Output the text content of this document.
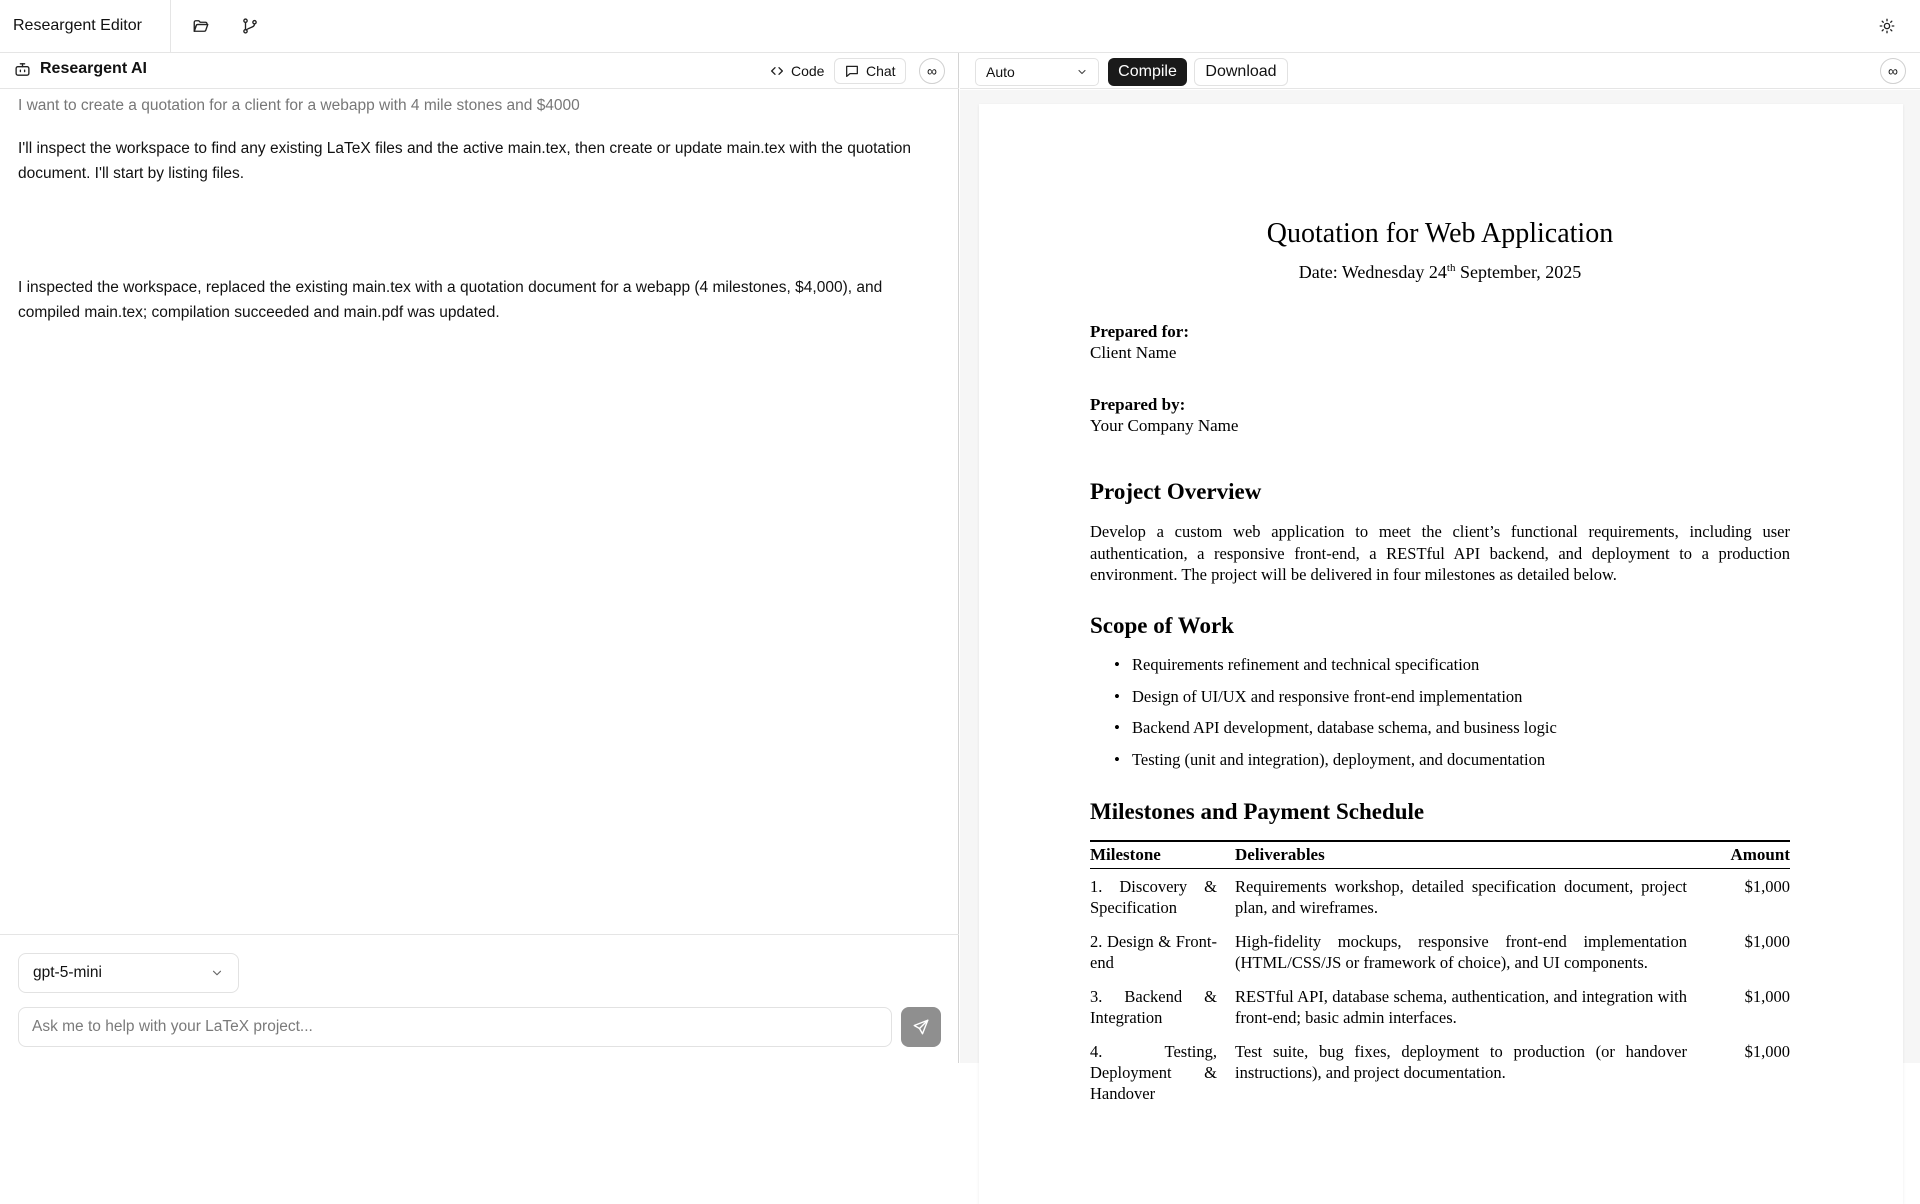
Researgent Editor
Researgent AI	Code	Chat	∞
I want to create a quotation for a client for a webapp with 4 mile stones and $4000
I'll inspect the workspace to find any existing LaTeX files and the active main.tex, then create or update main.tex with the quotation document. I'll start by listing files.
I inspected the workspace, replaced the existing main.tex with a quotation document for a webapp (4 milestones, $4,000), and compiled main.tex; compilation succeeded and main.pdf was updated.
gpt-5-mini
Ask me to help with your LaTeX project...
Auto	Compile	Download	∞
Quotation for Web Application
Date: Wednesday 24th September, 2025
Prepared for:
Client Name
Prepared by:
Your Company Name
Project Overview
Develop a custom web application to meet the client’s functional requirements, including user authentication, a responsive front-end, a RESTful API backend, and deployment to a production environment. The project will be delivered in four milestones as detailed below.
Scope of Work
• Requirements refinement and technical specification
• Design of UI/UX and responsive front-end implementation
• Backend API development, database schema, and business logic
• Testing (unit and integration), deployment, and documentation
Milestones and Payment Schedule
Milestone	Deliverables	Amount
1. Discovery & Specification	Requirements workshop, detailed specification document, project plan, and wireframes.	$1,000
2. Design & Front-end	High-fidelity mockups, responsive front-end implementation (HTML/CSS/JS or framework of choice), and UI components.	$1,000
3. Backend & Integration	RESTful API, database schema, authentication, and integration with front-end; basic admin interfaces.	$1,000
4. Testing, Deployment & Handover	Test suite, bug fixes, deployment to production (or handover instructions), and project documentation.	$1,000
